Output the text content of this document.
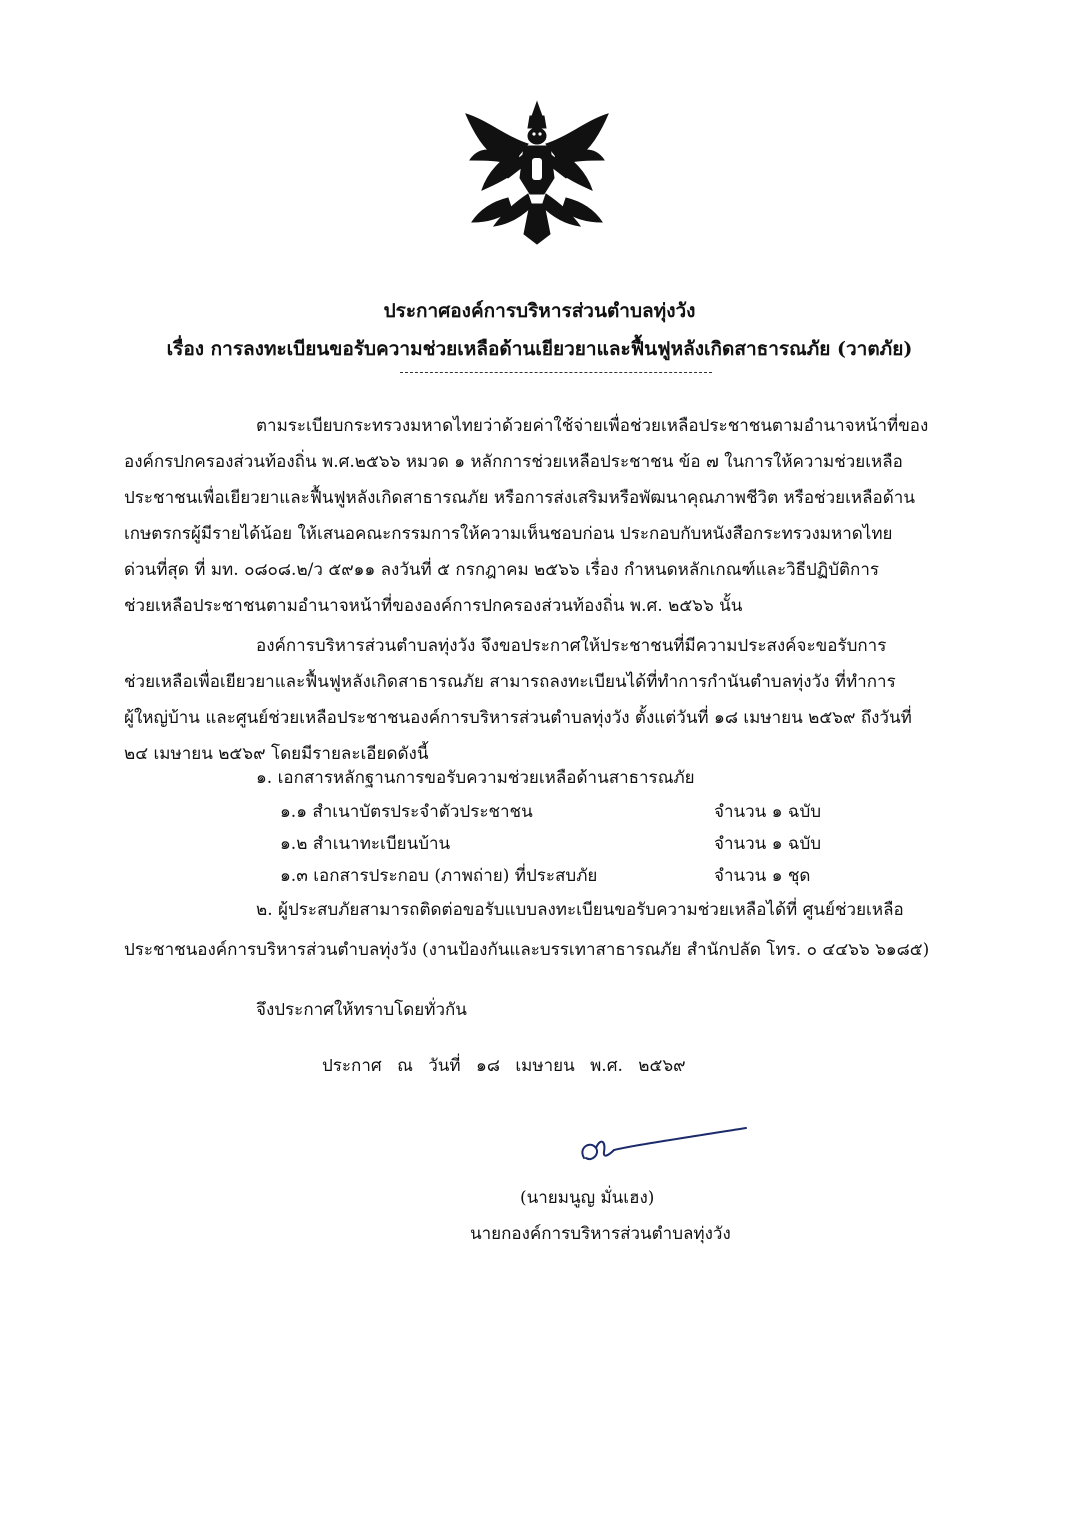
ประกาศองค์การบริหารส่วนตำบลทุ่งวัง
เรื่อง การลงทะเบียนขอรับความช่วยเหลือด้านเยียวยาและฟื้นฟูหลังเกิดสาธารณภัย (วาตภัย)
ตามระเบียบกระทรวงมหาดไทยว่าด้วยค่าใช้จ่ายเพื่อช่วยเหลือประชาชนตามอำนาจหน้าที่ของ
องค์กรปกครองส่วนท้องถิ่น พ.ศ.๒๕๖๖ หมวด ๑ หลักการช่วยเหลือประชาชน ข้อ ๗ ในการให้ความช่วยเหลือ
ประชาชนเพื่อเยียวยาและฟื้นฟูหลังเกิดสาธารณภัย หรือการส่งเสริมหรือพัฒนาคุณภาพชีวิต หรือช่วยเหลือด้าน
เกษตรกรผู้มีรายได้น้อย ให้เสนอคณะกรรมการให้ความเห็นชอบก่อน ประกอบกับหนังสือกระทรวงมหาดไทย
ด่วนที่สุด ที่ มท. ๐๘๐๘.๒/ว ๕๙๑๑ ลงวันที่ ๕ กรกฎาคม ๒๕๖๖ เรื่อง กำหนดหลักเกณฑ์และวิธีปฏิบัติการ
ช่วยเหลือประชาชนตามอำนาจหน้าที่ขององค์การปกครองส่วนท้องถิ่น พ.ศ. ๒๕๖๖ นั้น
องค์การบริหารส่วนตำบลทุ่งวัง จึงขอประกาศให้ประชาชนที่มีความประสงค์จะขอรับการ
ช่วยเหลือเพื่อเยียวยาและฟื้นฟูหลังเกิดสาธารณภัย สามารถลงทะเบียนได้ที่ทำการกำนันตำบลทุ่งวัง ที่ทำการ
ผู้ใหญ่บ้าน และศูนย์ช่วยเหลือประชาชนองค์การบริหารส่วนตำบลทุ่งวัง ตั้งแต่วันที่ ๑๘ เมษายน ๒๕๖๙ ถึงวันที่
๒๔ เมษายน ๒๕๖๙ โดยมีรายละเอียดดังนี้
๑. เอกสารหลักฐานการขอรับความช่วยเหลือด้านสาธารณภัย
๑.๑ สำเนาบัตรประจำตัวประชาชน	จำนวน ๑ ฉบับ
๑.๒ สำเนาทะเบียนบ้าน	จำนวน ๑ ฉบับ
๑.๓ เอกสารประกอบ (ภาพถ่าย) ที่ประสบภัย	จำนวน ๑ ชุด
๒. ผู้ประสบภัยสามารถติดต่อขอรับแบบลงทะเบียนขอรับความช่วยเหลือได้ที่ ศูนย์ช่วยเหลือ
ประชาชนองค์การบริหารส่วนตำบลทุ่งวัง (งานป้องกันและบรรเทาสาธารณภัย สำนักปลัด โทร. ๐ ๔๔๖๖ ๖๑๘๕)
จึงประกาศให้ทราบโดยทั่วกัน
ประกาศ ณ วันที่ ๑๘ เมษายน พ.ศ. ๒๕๖๙
(นายมนูญ มั่นเฮง)
นายกองค์การบริหารส่วนตำบลทุ่งวัง
